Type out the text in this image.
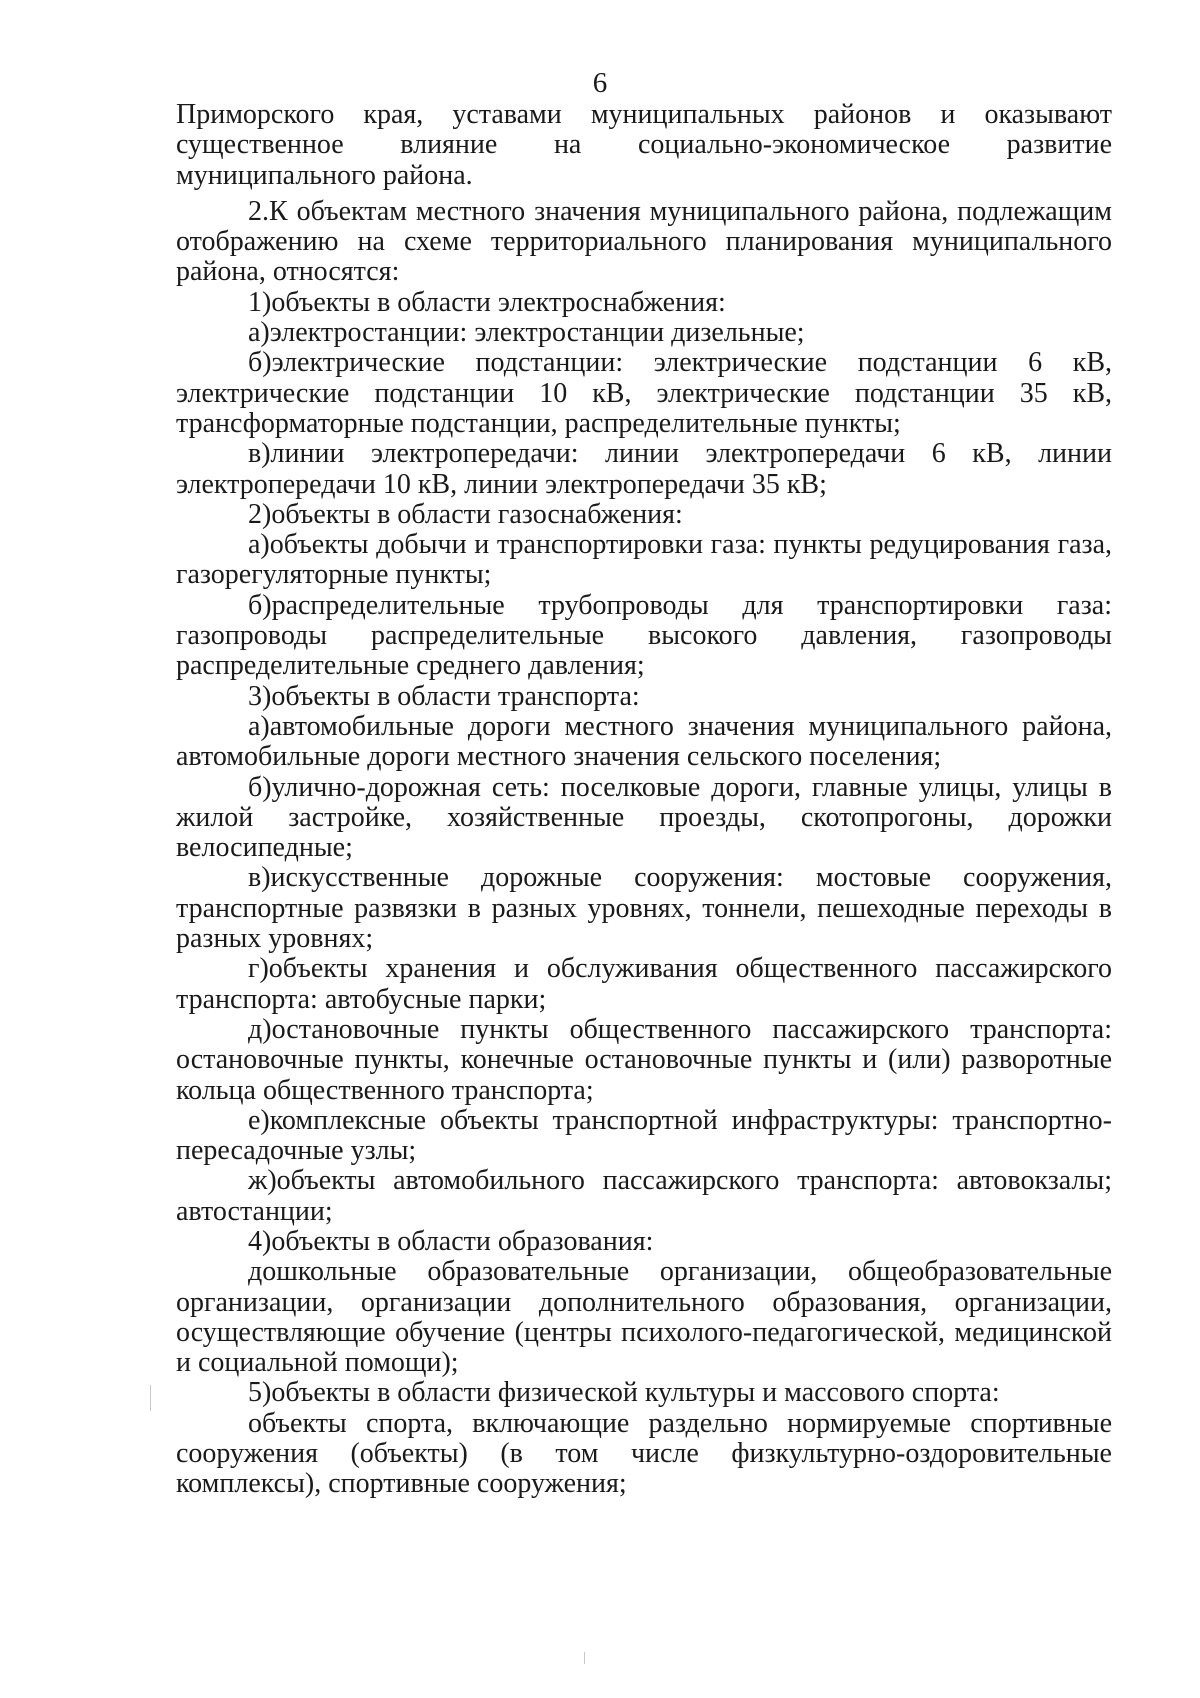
6

Приморского края, уставами муниципальных районов и оказывают существенное влияние на социально-экономическое развитие муниципального района.

2.К объектам местного значения муниципального района, подлежащим отображению на схеме территориального планирования муниципального района, относятся:

1)объекты в области электроснабжения:

а)электростанции: электростанции дизельные;

б)электрические подстанции: электрические подстанции 6 кВ, электрические подстанции 10 кВ, электрические подстанции 35 кВ, трансформаторные подстанции, распределительные пункты;

в)линии электропередачи: линии электропередачи 6 кВ, линии электропередачи 10 кВ, линии электропередачи 35 кВ;

2)объекты в области газоснабжения:

а)объекты добычи и транспортировки газа: пункты редуцирования газа, газорегуляторные пункты;

б)распределительные трубопроводы для транспортировки газа: газопроводы распределительные высокого давления, газопроводы распределительные среднего давления;

3)объекты в области транспорта:

а)автомобильные дороги местного значения муниципального района, автомобильные дороги местного значения сельского поселения;

б)улично-дорожная сеть: поселковые дороги, главные улицы, улицы в жилой застройке, хозяйственные проезды, скотопрогоны, дорожки велосипедные;

в)искусственные дорожные сооружения: мостовые сооружения, транспортные развязки в разных уровнях, тоннели, пешеходные переходы в разных уровнях;

г)объекты хранения и обслуживания общественного пассажирского транспорта: автобусные парки;

д)остановочные пункты общественного пассажирского транспорта: остановочные пункты, конечные остановочные пункты и (или) разворотные кольца общественного транспорта;

е)комплексные объекты транспортной инфраструктуры: транспортно-пересадочные узлы;

ж)объекты автомобильного пассажирского транспорта: автовокзалы; автостанции;

4)объекты в области образования:

дошкольные образовательные организации, общеобразовательные организации, организации дополнительного образования, организации, осуществляющие обучение (центры психолого-педагогической, медицинской и социальной помощи);

5)объекты в области физической культуры и массового спорта:

объекты спорта, включающие раздельно нормируемые спортивные сооружения (объекты) (в том числе физкультурно-оздоровительные комплексы), спортивные сооружения;
